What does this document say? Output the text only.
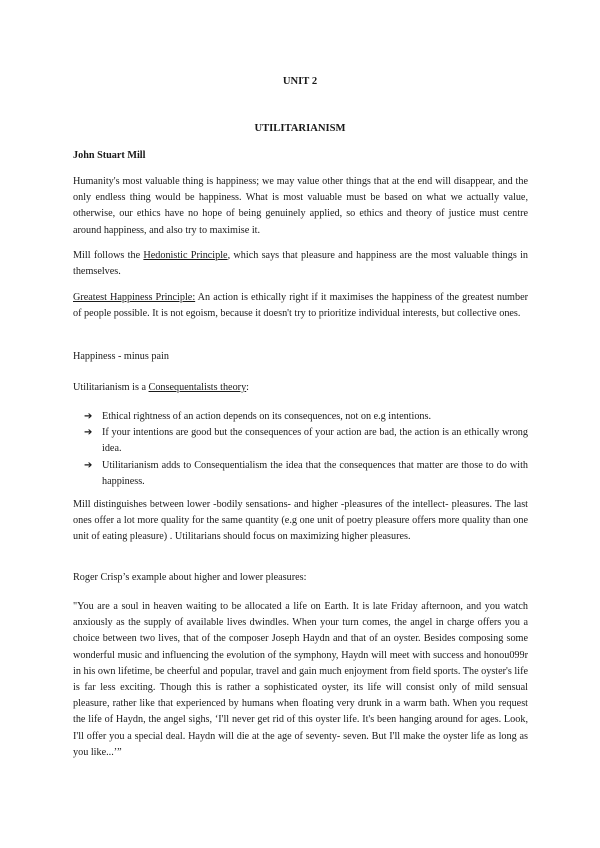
UNIT 2
UTILITARIANISM
John Stuart Mill
Humanity's most valuable thing is happiness; we may value other things that at the end will disappear, and the only endless thing would be happiness. What is most valuable must be based on what we actually value, otherwise, our ethics have no hope of being genuinely applied, so ethics and theory of justice must centre around happiness, and also try to maximise it.
Mill follows the Hedonistic Principle, which says that pleasure and happiness are the most valuable things in themselves.
Greatest Happiness Principle: An action is ethically right if it maximises the happiness of the greatest number of people possible. It is not egoism, because it doesn't try to prioritize individual interests, but collective ones.
Happiness - minus pain
Utilitarianism is a Consequentalists theory:
➔ Ethical rightness of an action depends on its consequences, not on e.g intentions.
➔ If your intentions are good but the consequences of your action are bad, the action is an ethically wrong idea.
➔ Utilitarianism adds to Consequentialism the idea that the consequences that matter are those to do with happiness.
Mill distinguishes between lower -bodily sensations- and higher -pleasures of the intellect- pleasures. The last ones offer a lot more quality for the same quantity (e.g one unit of poetry pleasure offers more quality than one unit of eating pleasure) . Utilitarians should focus on maximizing higher pleasures.
Roger Crisp’s example about higher and lower pleasures:
"You are a soul in heaven waiting to be allocated a life on Earth. It is late Friday afternoon, and you watch anxiously as the supply of available lives dwindles. When your turn comes, the angel in charge offers you a choice between two lives, that of the composer Joseph Haydn and that of an oyster. Besides composing some wonderful music and influencing the evolution of the symphony, Haydn will meet with success and honou099r in his own lifetime, be cheerful and popular, travel and gain much enjoyment from field sports. The oyster's life is far less exciting. Though this is rather a sophisticated oyster, its life will consist only of mild sensual pleasure, rather like that experienced by humans when floating very drunk in a warm bath. When you request the life of Haydn, the angel sighs, ‘I'll never get rid of this oyster life. It's been hanging around for ages. Look, I'll offer you a special deal. Haydn will die at the age of seventy- seven. But I'll make the oyster life as long as you like...’”
